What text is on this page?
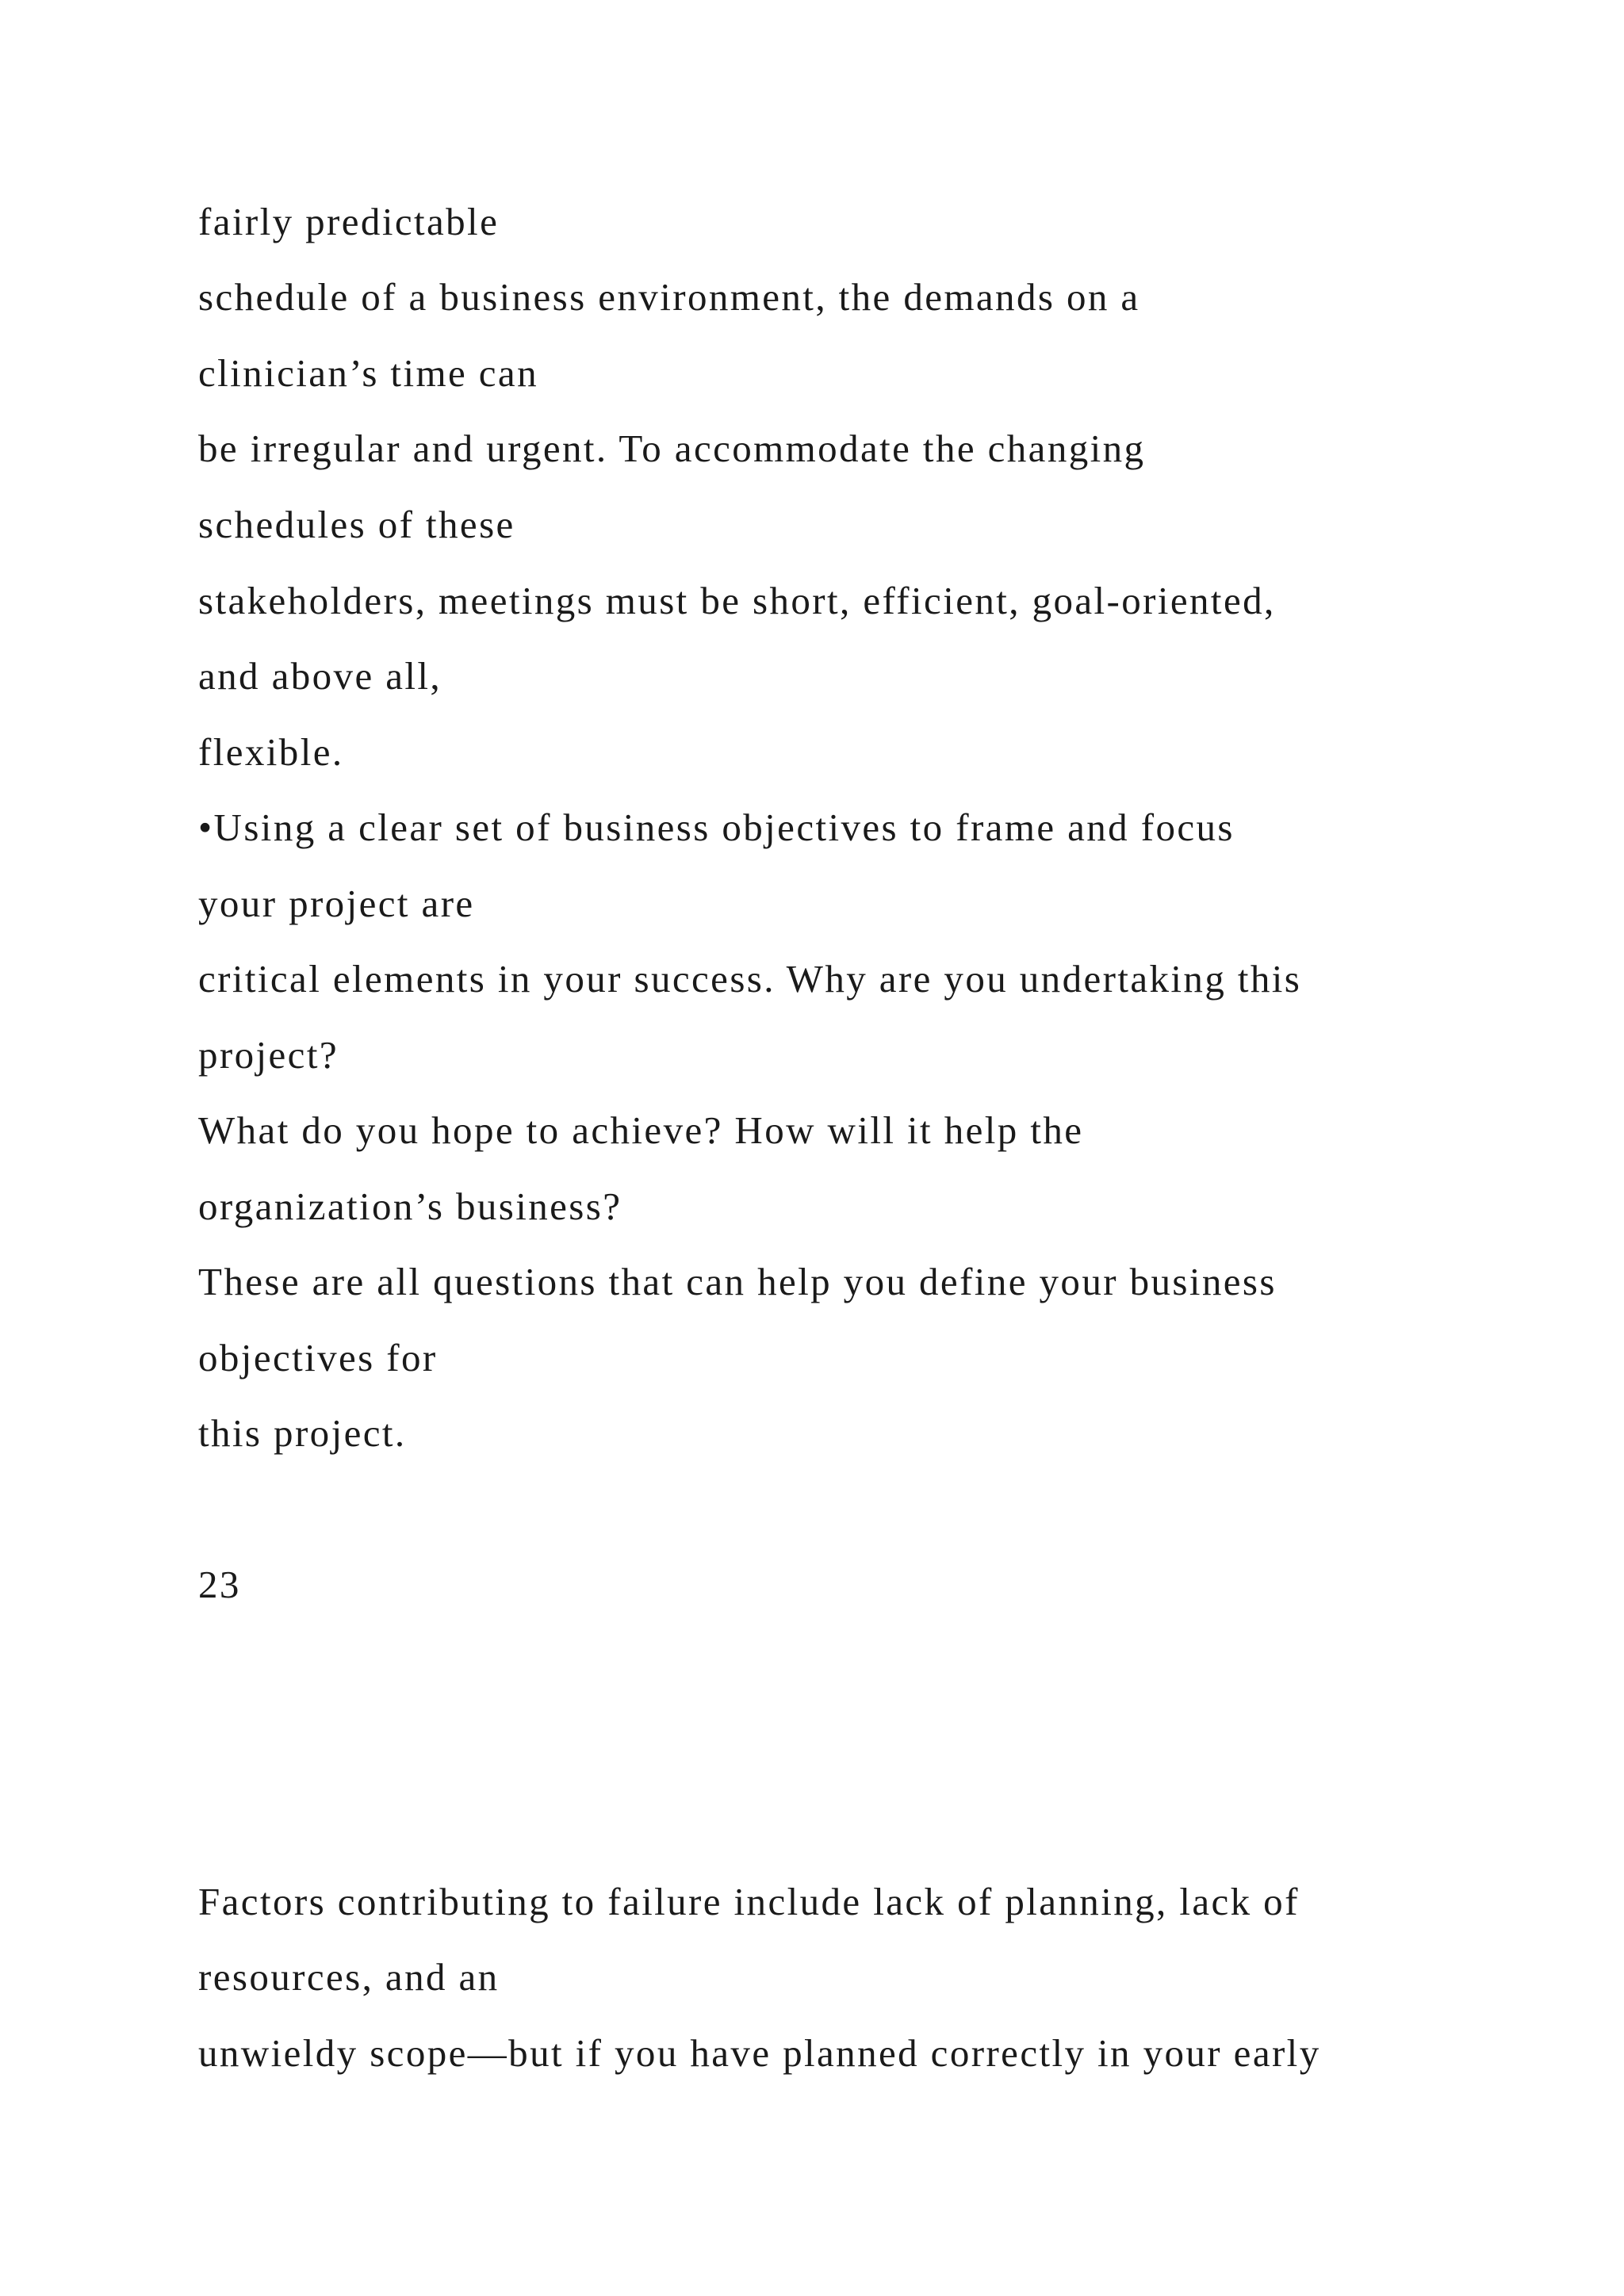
fairly predictable

schedule of a business environment, the demands on a

clinician’s time can

be irregular and urgent. To accommodate the changing

schedules of these

stakeholders, meetings must be short, efficient, goal-oriented,

and above all,

flexible.

•Using a clear set of business objectives to frame and focus

your project are

critical elements in your success. Why are you undertaking this

project?

What do you hope to achieve? How will it help the

organization’s business?

These are all questions that can help you define your business

objectives for

this project.

23

Factors contributing to failure include lack of planning, lack of

resources, and an

unwieldy scope—but if you have planned correctly in your early
